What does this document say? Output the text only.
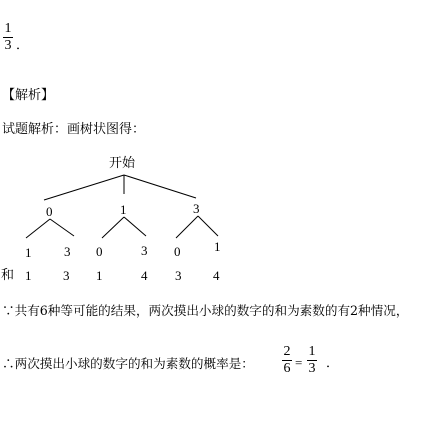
1
3 ．
【解析】
试题解析：画树状图得：
开始
0	1	3
1	3 0	3 0	1
和 1 3 1	4 3 4
∵共有6种等可能的结果，两次摸出小球的数字的和为素数的有2种情况，
∴两次摸出小球的数字的和为素数的概率是：
2
6 =
1
3 ．
